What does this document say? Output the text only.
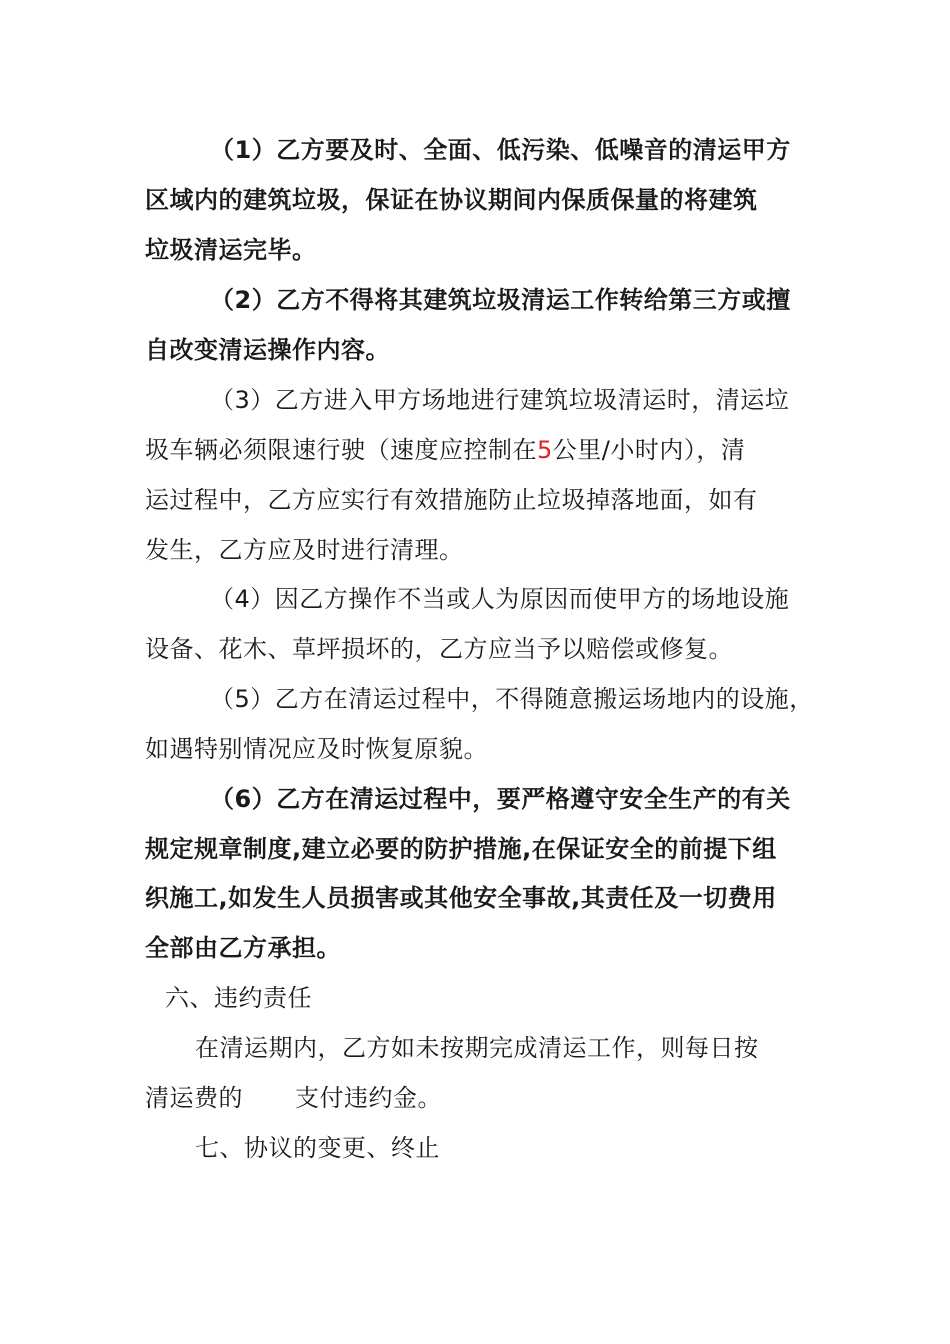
（1）乙方要及时、全面、低污染、低噪音的清运甲方
区域内的建筑垃圾，保证在协议期间内保质保量的将建筑
垃圾清运完毕。
（2）乙方不得将其建筑垃圾清运工作转给第三方或擅
自改变清运操作内容。
（3）乙方进入甲方场地进行建筑垃圾清运时，清运垃
圾车辆必须限速行驶（速度应控制在5公里/小时内），清
运过程中，乙方应实行有效措施防止垃圾掉落地面，如有
发生，乙方应及时进行清理。
（4）因乙方操作不当或人为原因而使甲方的场地设施
设备、花木、草坪损坏的，乙方应当予以赔偿或修复。
（5）乙方在清运过程中，不得随意搬运场地内的设施，
如遇特别情况应及时恢复原貌。
（6）乙方在清运过程中，要严格遵守安全生产的有关
规定规章制度,建立必要的防护措施,在保证安全的前提下组
织施工,如发生人员损害或其他安全事故,其责任及一切费用
全部由乙方承担。
六、违约责任
在清运期内，乙方如未按期完成清运工作，则每日按
清运费的 支付违约金。
七、协议的变更、终止
